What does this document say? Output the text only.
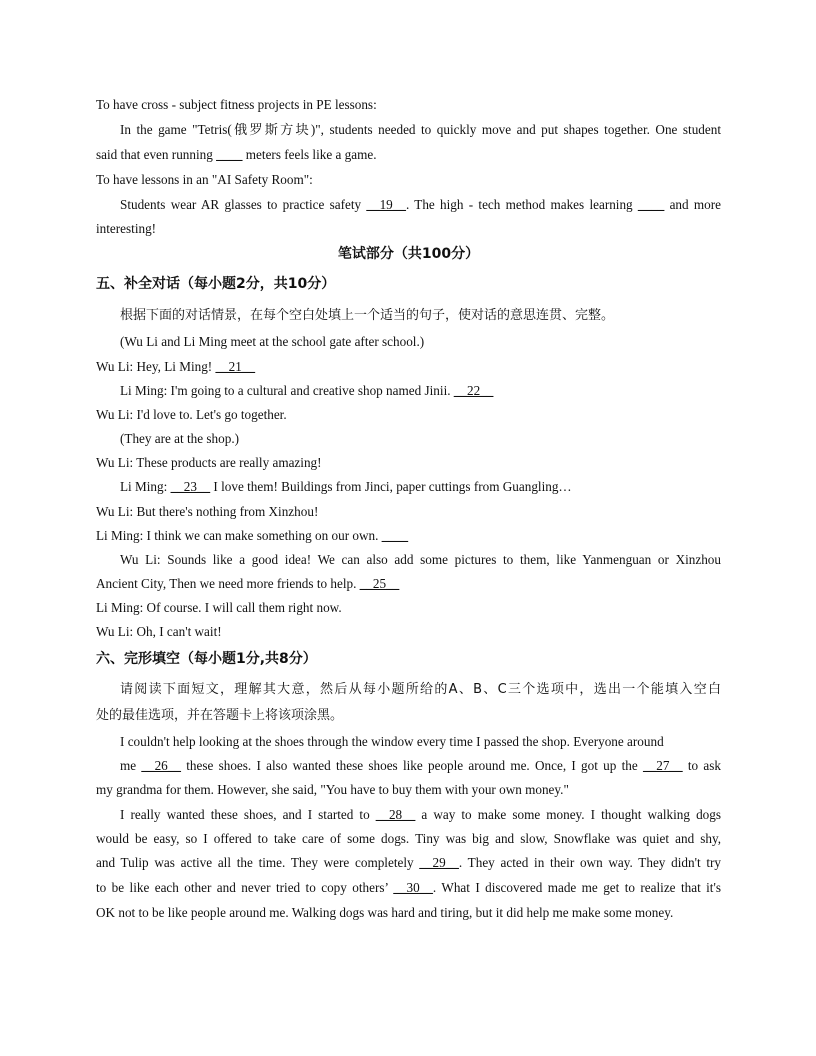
To have cross - subject fitness projects in PE lessons:
In the game "Tetris(俄罗斯方块)", students needed to quickly move and put shapes together. One student
said that even running ____ meters feels like a game.
To have lessons in an "AI Safety Room":
Students wear AR glasses to practice safety __19__. The high - tech method makes learning ____ and more
interesting!
笔试部分（共100分）
五、补全对话（每小题2分，共10分）
根据下面的对话情景，在每个空白处填上一个适当的句子，使对话的意思连贯、完整。
(Wu Li and Li Ming meet at the school gate after school.)
Wu Li: Hey, Li Ming! __21__
Li Ming: I'm going to a cultural and creative shop named Jinii. __22__
Wu Li: I'd love to. Let's go together.
(They are at the shop.)
Wu Li: These products are really amazing!
Li Ming: __23__ I love them! Buildings from Jinci, paper cuttings from Guangling…
Wu Li: But there's nothing from Xinzhou!
Li Ming: I think we can make something on our own. ____
Wu Li: Sounds like a good idea! We can also add some pictures to them, like Yanmenguan or Xinzhou
Ancient City, Then we need more friends to help. __25__
Li Ming: Of course. I will call them right now.
Wu Li: Oh, I can't wait!
六、完形填空（每小题1分,共8分）
请阅读下面短文，理解其大意，然后从每小题所给的A、B、C三个选项中，选出一个能填入空白
处的最佳选项，并在答题卡上将该项涂黑。
I couldn't help looking at the shoes through the window every time I passed the shop. Everyone around
me __26__ these shoes. I also wanted these shoes like people around me. Once, I got up the __27__ to ask
my grandma for them. However, she said, "You have to buy them with your own money."
I really wanted these shoes, and I started to __28__ a way to make some money. I thought walking dogs
would be easy, so I offered to take care of some dogs. Tiny was big and slow, Snowflake was quiet and shy,
and Tulip was active all the time. They were completely __29__. They acted in their own way. They didn't try
to be like each other and never tried to copy others’ __30__. What I discovered made me get to realize that it's
OK not to be like people around me. Walking dogs was hard and tiring, but it did help me make some money.
